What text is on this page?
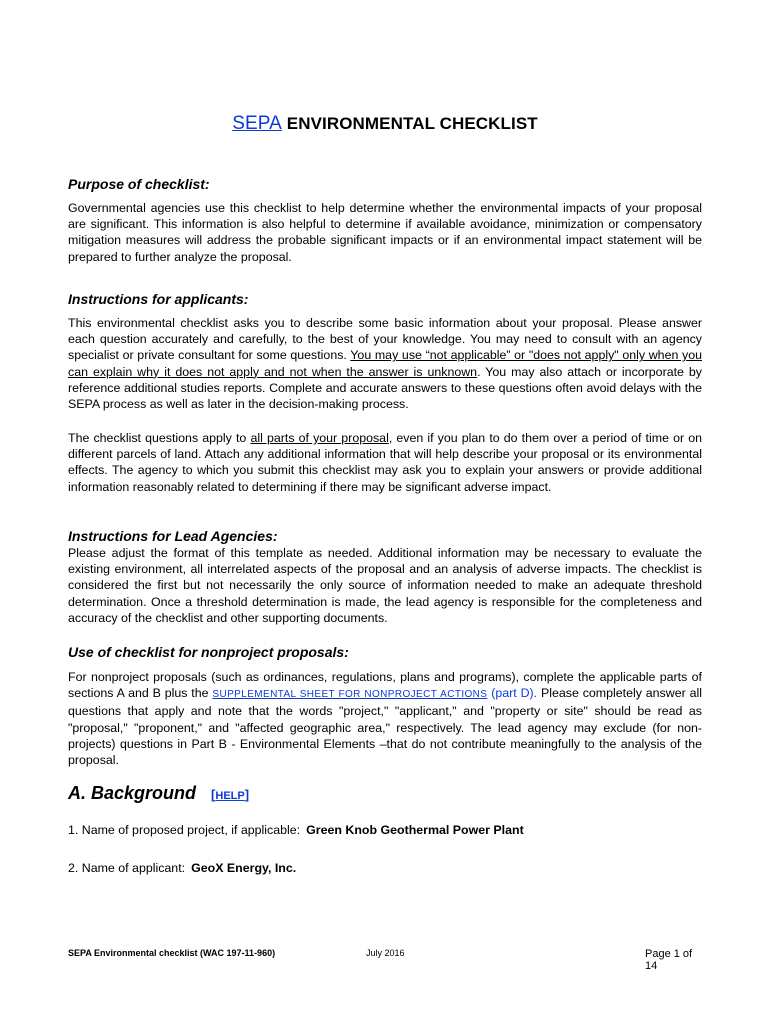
SEPA ENVIRONMENTAL CHECKLIST
Purpose of checklist:

Governmental agencies use this checklist to help determine whether the environmental impacts of your proposal are significant. This information is also helpful to determine if available avoidance, minimization or compensatory mitigation measures will address the probable significant impacts or if an environmental impact statement will be prepared to further analyze the proposal.

Instructions for applicants:

This environmental checklist asks you to describe some basic information about your proposal. Please answer each question accurately and carefully, to the best of your knowledge. You may need to consult with an agency specialist or private consultant for some questions. You may use “not applicable” or "does not apply" only when you can explain why it does not apply and not when the answer is unknown. You may also attach or incorporate by reference additional studies reports. Complete and accurate answers to these questions often avoid delays with the SEPA process as well as later in the decision-making process.

The checklist questions apply to all parts of your proposal, even if you plan to do them over a period of time or on different parcels of land. Attach any additional information that will help describe your proposal or its environmental effects. The agency to which you submit this checklist may ask you to explain your answers or provide additional information reasonably related to determining if there may be significant adverse impact.

Instructions for Lead Agencies:

Please adjust the format of this template as needed. Additional information may be necessary to evaluate the existing environment, all interrelated aspects of the proposal and an analysis of adverse impacts. The checklist is considered the first but not necessarily the only source of information needed to make an adequate threshold determination. Once a threshold determination is made, the lead agency is responsible for the completeness and accuracy of the checklist and other supporting documents.

Use of checklist for nonproject proposals:

For nonproject proposals (such as ordinances, regulations, plans and programs), complete the applicable parts of sections A and B plus the SUPPLEMENTAL SHEET FOR NONPROJECT ACTIONS (part D). Please completely answer all questions that apply and note that the words "project," "applicant," and "property or site" should be read as "proposal," "proponent," and "affected geographic area," respectively. The lead agency may exclude (for non-projects) questions in Part B - Environmental Elements –that do not contribute meaningfully to the analysis of the proposal.

A. Background [HELP]
1. Name of proposed project, if applicable: Green Knob Geothermal Power Plant
2. Name of applicant: GeoX Energy, Inc.
SEPA Environmental checklist (WAC 197-11-960)	July 2016	Page 1 of 14
